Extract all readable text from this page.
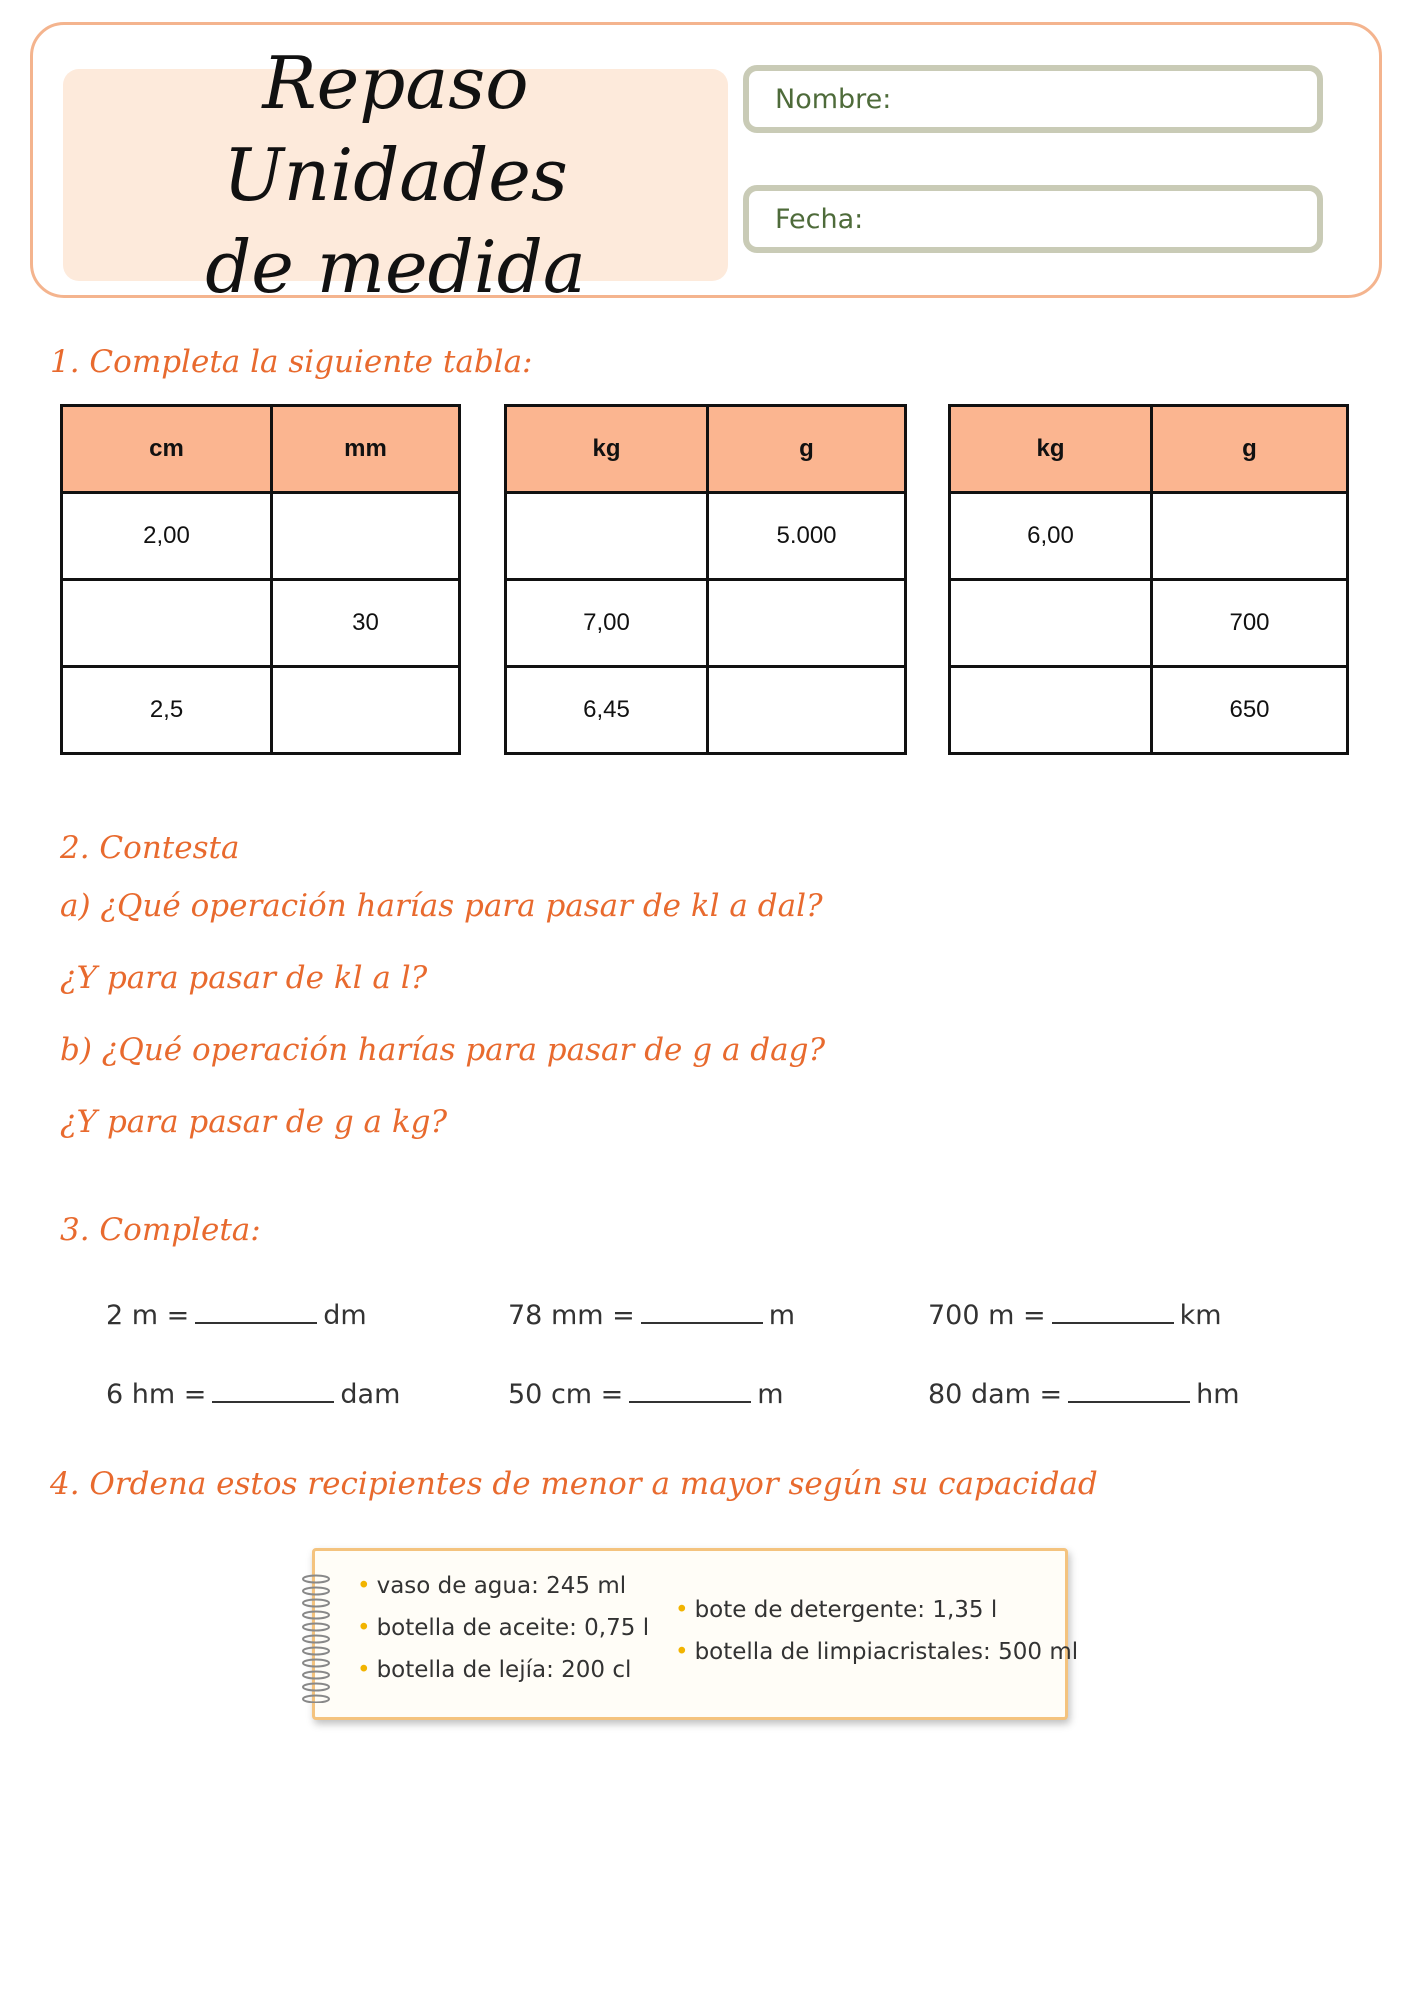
Repaso Unidades
de medida
Nombre:
Fecha:
1. Completa la siguiente tabla:
cm	mm
2,00	
	30
2,5	
kg	g
	5.000
7,00	
6,45	
kg	g
6,00	
	700
	650
2. Contesta
a) ¿Qué operación harías para pasar de kl a dal?
¿Y para pasar de kl a l?
b) ¿Qué operación harías para pasar de g a dag?
¿Y para pasar de g a kg?
3. Completa:
2 m =	dm	78 mm =	m	700 m =	km
6 hm =	dam	50 cm =	m	80 dam =	hm
4. Ordena estos recipientes de menor a mayor según su capacidad
• vaso de agua: 245 ml
• botella de aceite: 0,75 l
• botella de lejía: 200 cl
• bote de detergente: 1,35 l
• botella de limpiacristales: 500 ml
